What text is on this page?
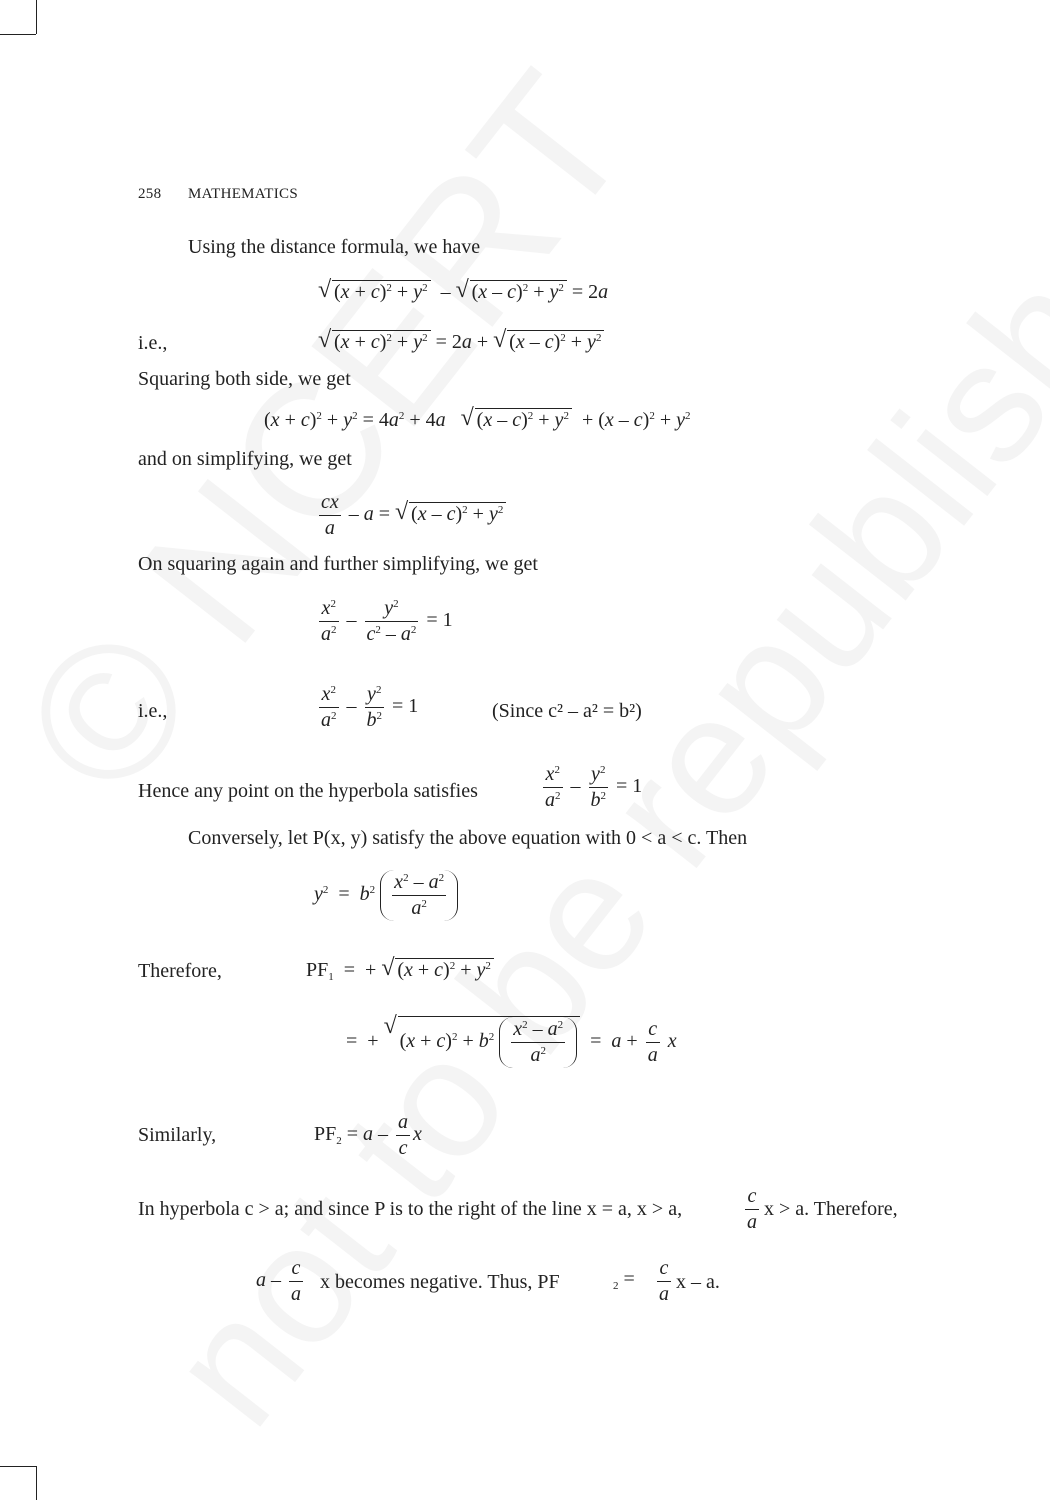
258 MATHEMATICS
Using the distance formula, we have
√ $(x + c)^2 + y^2$  – √ $(x - c)^2 + y^2 = 2a$
i.e.,	√ $(x + c)^2 + y^2 = 2a$ + √ $(x - c)^2 + y^2$
Squaring both side, we get
$(x + c)^2 + y^2 = 4a^2 + 4a$ √ $(x - c)^2 + y^2 + (x - c)^2 + y^2$
and on simplifying, we get
$\frac{cx}{a}$ – a = √ $(x - c)^2 + y^2$
On squaring again and further simplifying, we get
$\frac{x^2}{a^2} - \frac{y^2}{c^2 - a^2} = 1$
i.e.,	$\frac{x^2}{a^2} - \frac{y^2}{b^2} = 1$	(Since c² – a² = b²)
Hence any point on the hyperbola satisfies	$\frac{x^2}{a^2} - \frac{y^2}{b^2} = 1$
Conversely, let P(x, y) satisfy the above equation with 0 < a < c. Then
$y^2 = b^2 \frac{x^2 - a^2}{a^2}$
Therefore,	$PF_1$  =  + √ $(x + c)^2 + y^2$
=  + √ $(x + c)^2 + b^2 \frac{x^2 - a^2}{a^2} = a + \frac{c}{a}$ x
Similarly,	$PF_2 = a - \frac{a}{c}$ x
In hyperbola c > a; and since P is to the right of the line x = a, x > a,	$\frac{c}{a}$ x > a. Therefore,
a – $\frac{c}{a}$ x becomes negative. Thus, PF	$_2 = \frac{c}{a}$ x – a.
